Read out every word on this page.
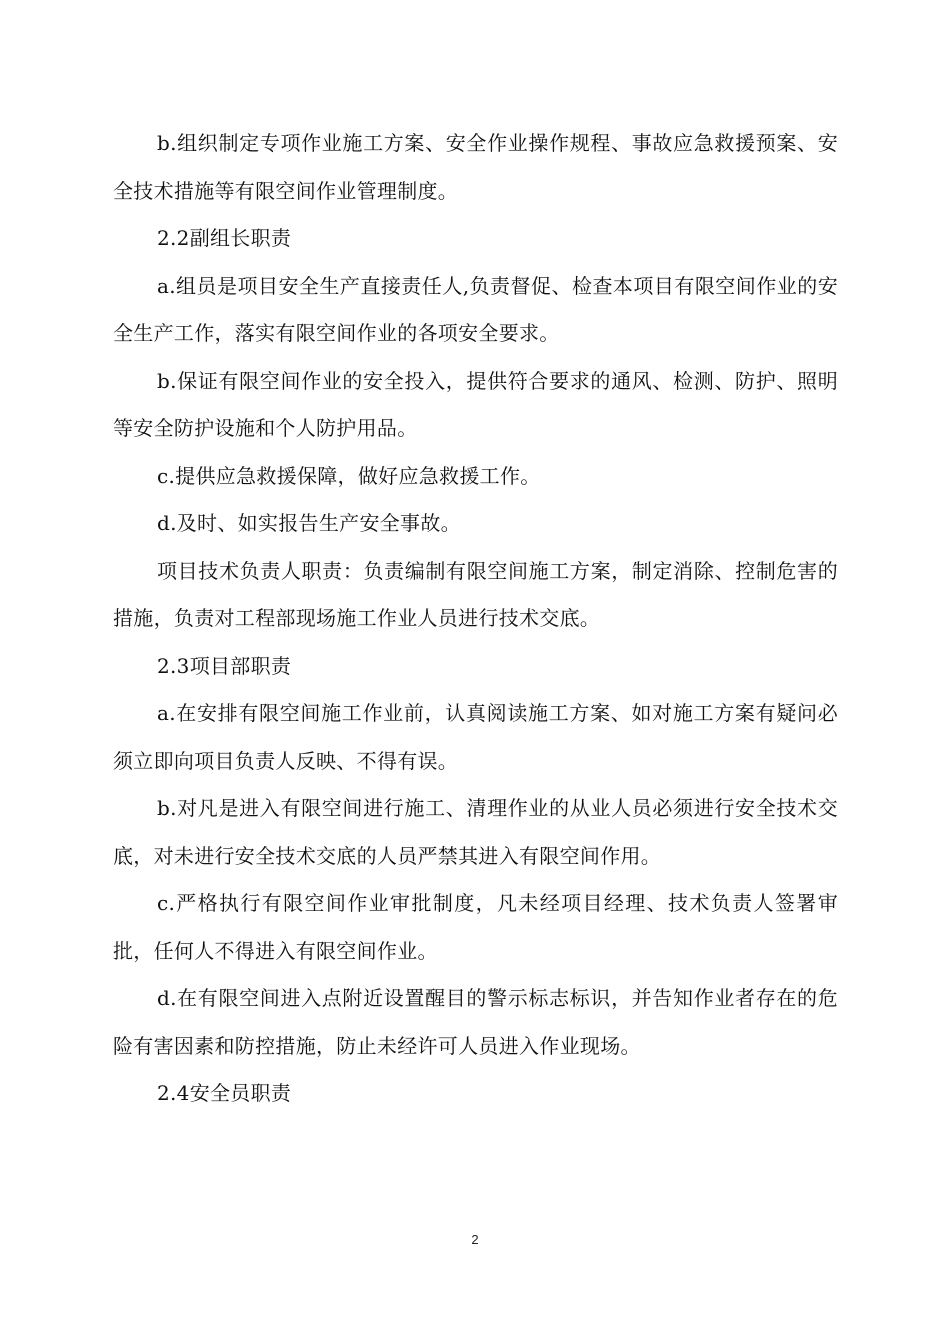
b.组织制定专项作业施工方案、安全作业操作规程、事故应急救援预案、安全技术措施等有限空间作业管理制度。

2.2副组长职责

a.组员是项目安全生产直接责任人,负责督促、检查本项目有限空间作业的安全生产工作，落实有限空间作业的各项安全要求。

b.保证有限空间作业的安全投入，提供符合要求的通风、检测、防护、照明等安全防护设施和个人防护用品。

c.提供应急救援保障，做好应急救援工作。

d.及时、如实报告生产安全事故。

项目技术负责人职责：负责编制有限空间施工方案，制定消除、控制危害的措施，负责对工程部现场施工作业人员进行技术交底。

2.3项目部职责

a.在安排有限空间施工作业前，认真阅读施工方案、如对施工方案有疑问必须立即向项目负责人反映、不得有误。

b.对凡是进入有限空间进行施工、清理作业的从业人员必须进行安全技术交底，对未进行安全技术交底的人员严禁其进入有限空间作用。

c.严格执行有限空间作业审批制度，凡未经项目经理、技术负责人签署审批，任何人不得进入有限空间作业。

d.在有限空间进入点附近设置醒目的警示标志标识，并告知作业者存在的危险有害因素和防控措施，防止未经许可人员进入作业现场。

2.4安全员职责

2
